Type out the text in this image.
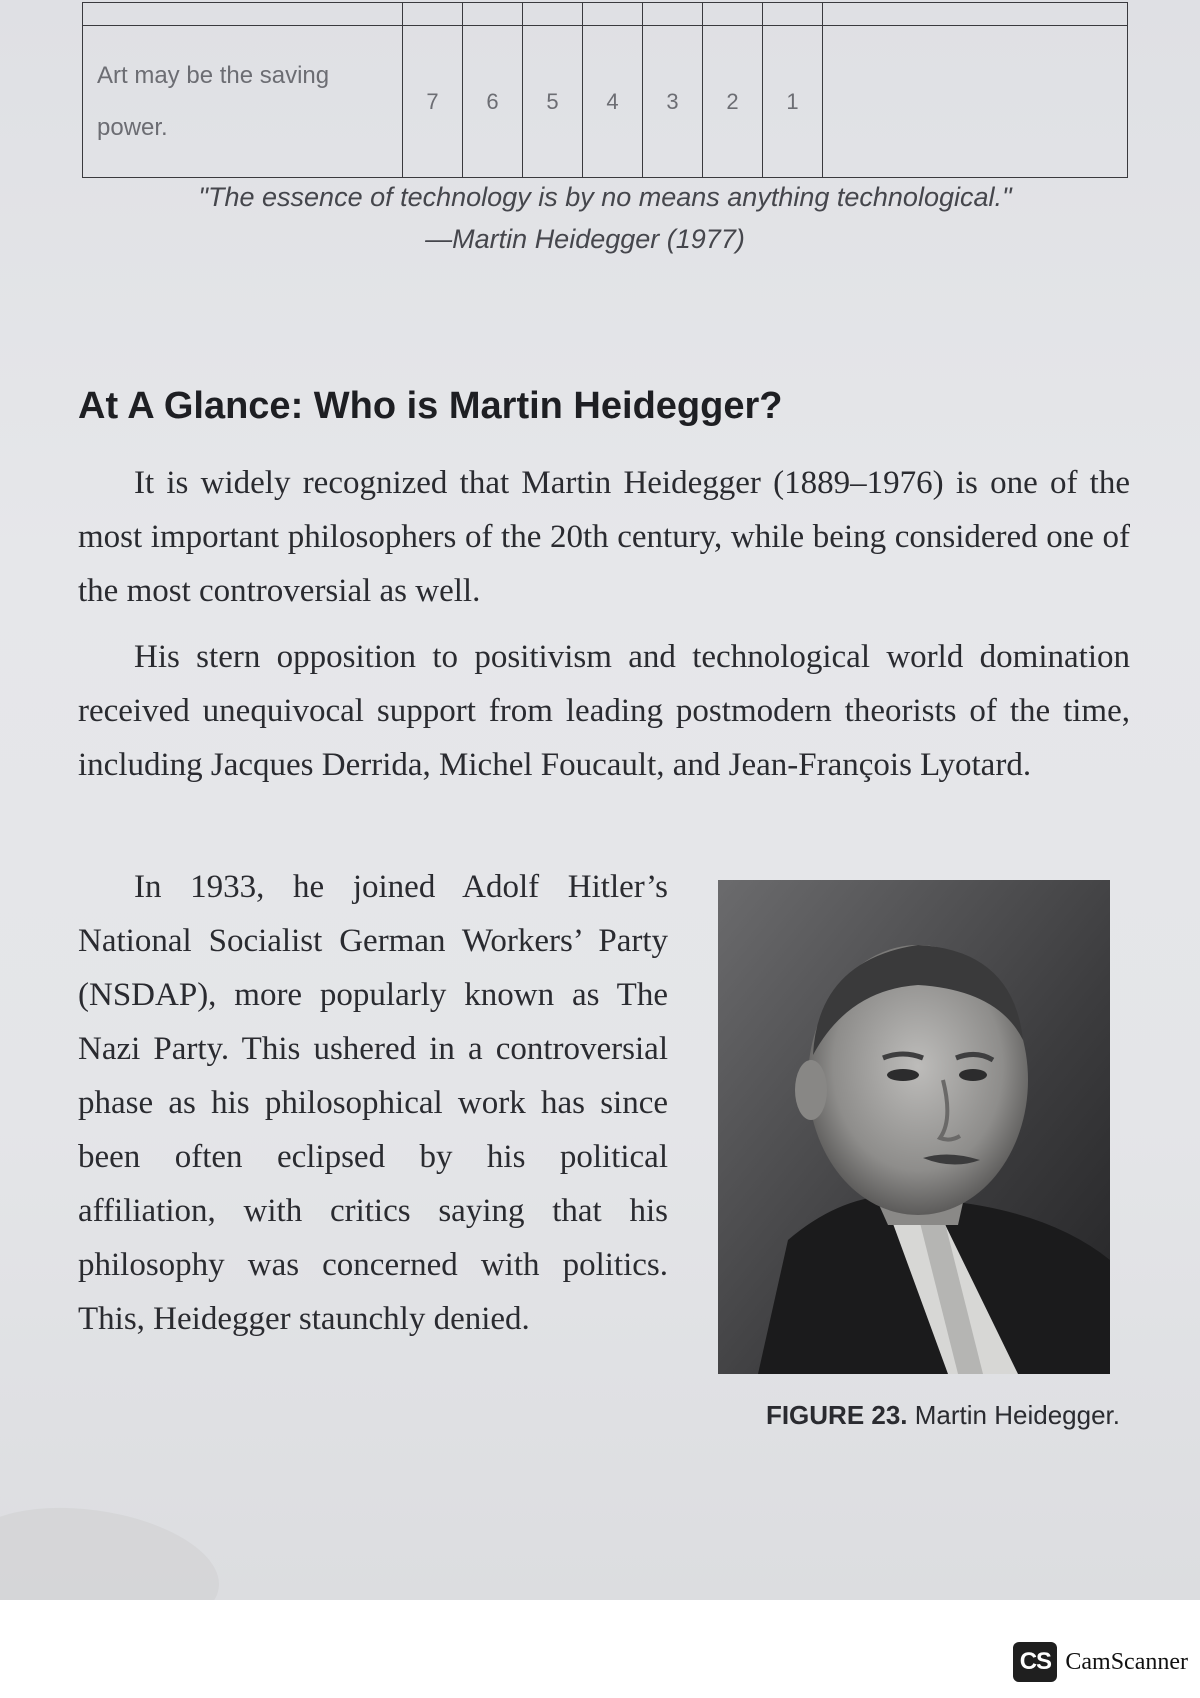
Art may be the saving power.	7	6	5	4	3	2	1	
"The essence of technology is by no means anything technological."
—Martin Heidegger (1977)
At A Glance: Who is Martin Heidegger?

It is widely recognized that Martin Heidegger (1889–1976) is one of the most important philosophers of the 20th century, while being considered one of the most controversial as well.

His stern opposition to positivism and technological world domination received unequivocal support from leading postmodern theorists of the time, including Jacques Derrida, Michel Foucault, and Jean-François Lyotard.

In 1933, he joined Adolf Hitler’s National Socialist German Workers’ Party (NSDAP), more popularly known as The Nazi Party. This ushered in a controversial phase as his philosophical work has since been often eclipsed by his political affiliation, with critics saying that his philosophy was concerned with politics. This, Heidegger staunchly denied.

FIGURE 23. Martin Heidegger.
CS CamScanner
